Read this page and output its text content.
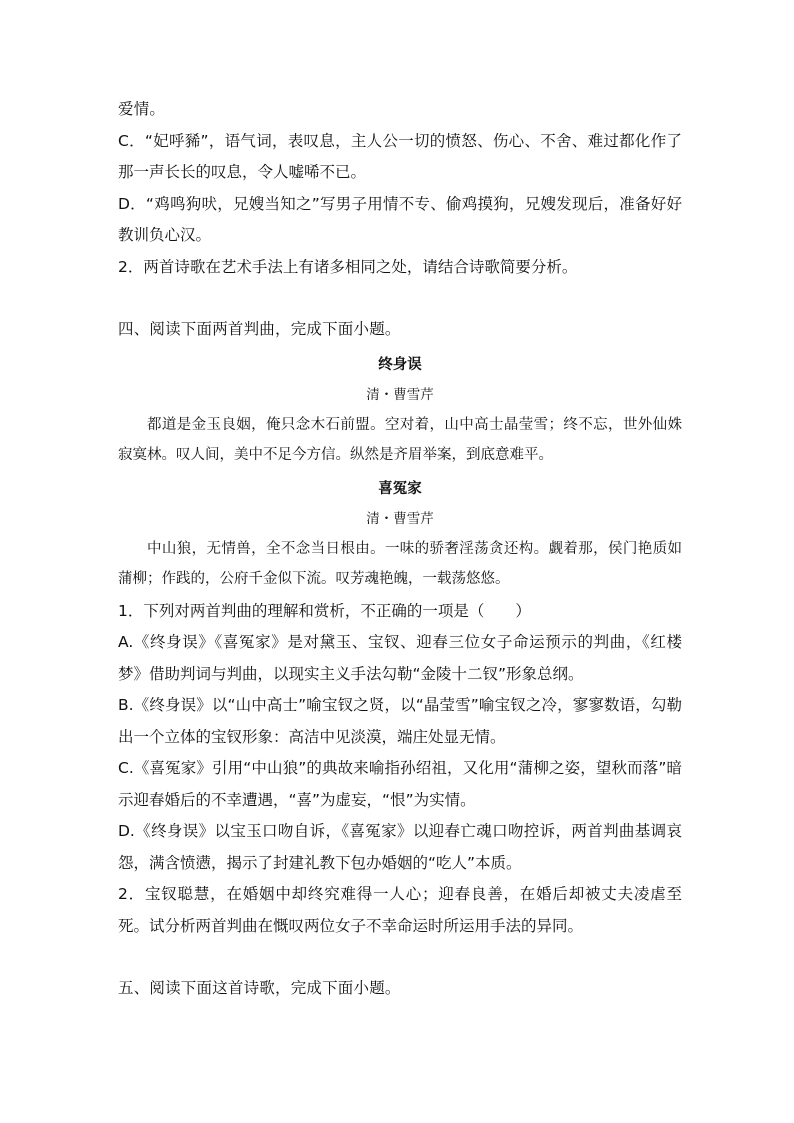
爱情。
C．“妃呼豨”，语气词，表叹息，主人公一切的愤怒、伤心、不舍、难过都化作了那一声长长的叹息，令人嘘唏不已。
D．“鸡鸣狗吠，兄嫂当知之”写男子用情不专、偷鸡摸狗，兄嫂发现后，准备好好教训负心汉。
2．两首诗歌在艺术手法上有诸多相同之处，请结合诗歌简要分析。
四、阅读下面两首判曲，完成下面小题。
终身误
清・曹雪芹
都道是金玉良姻，俺只念木石前盟。空对着，山中高士晶莹雪；终不忘，世外仙姝寂寞林。叹人间，美中不足今方信。纵然是齐眉举案，到底意难平。
喜冤家
清・曹雪芹
中山狼，无情兽，全不念当日根由。一味的骄奢淫荡贪还构。觑着那，侯门艳质如蒲柳；作践的，公府千金似下流。叹芳魂艳魄，一载荡悠悠。
1．下列对两首判曲的理解和赏析，不正确的一项是（　　）
A.《终身误》《喜冤家》是对黛玉、宝钗、迎春三位女子命运预示的判曲，《红楼梦》借助判词与判曲，以现实主义手法勾勒“金陵十二钗”形象总纲。
B.《终身误》以“山中高士”喻宝钗之贤，以“晶莹雪”喻宝钗之冷，寥寥数语，勾勒出一个立体的宝钗形象：高洁中见淡漠，端庄处显无情。
C.《喜冤家》引用“中山狼”的典故来喻指孙绍祖，又化用“蒲柳之姿，望秋而落”暗示迎春婚后的不幸遭遇，“喜”为虚妄，“恨”为实情。
D.《终身误》以宝玉口吻自诉，《喜冤家》以迎春亡魂口吻控诉，两首判曲基调哀怨，满含愤懑，揭示了封建礼教下包办婚姻的“吃人”本质。
2．宝钗聪慧，在婚姻中却终究难得一人心；迎春良善，在婚后却被丈夫凌虐至死。试分析两首判曲在慨叹两位女子不幸命运时所运用手法的异同。
五、阅读下面这首诗歌，完成下面小题。
